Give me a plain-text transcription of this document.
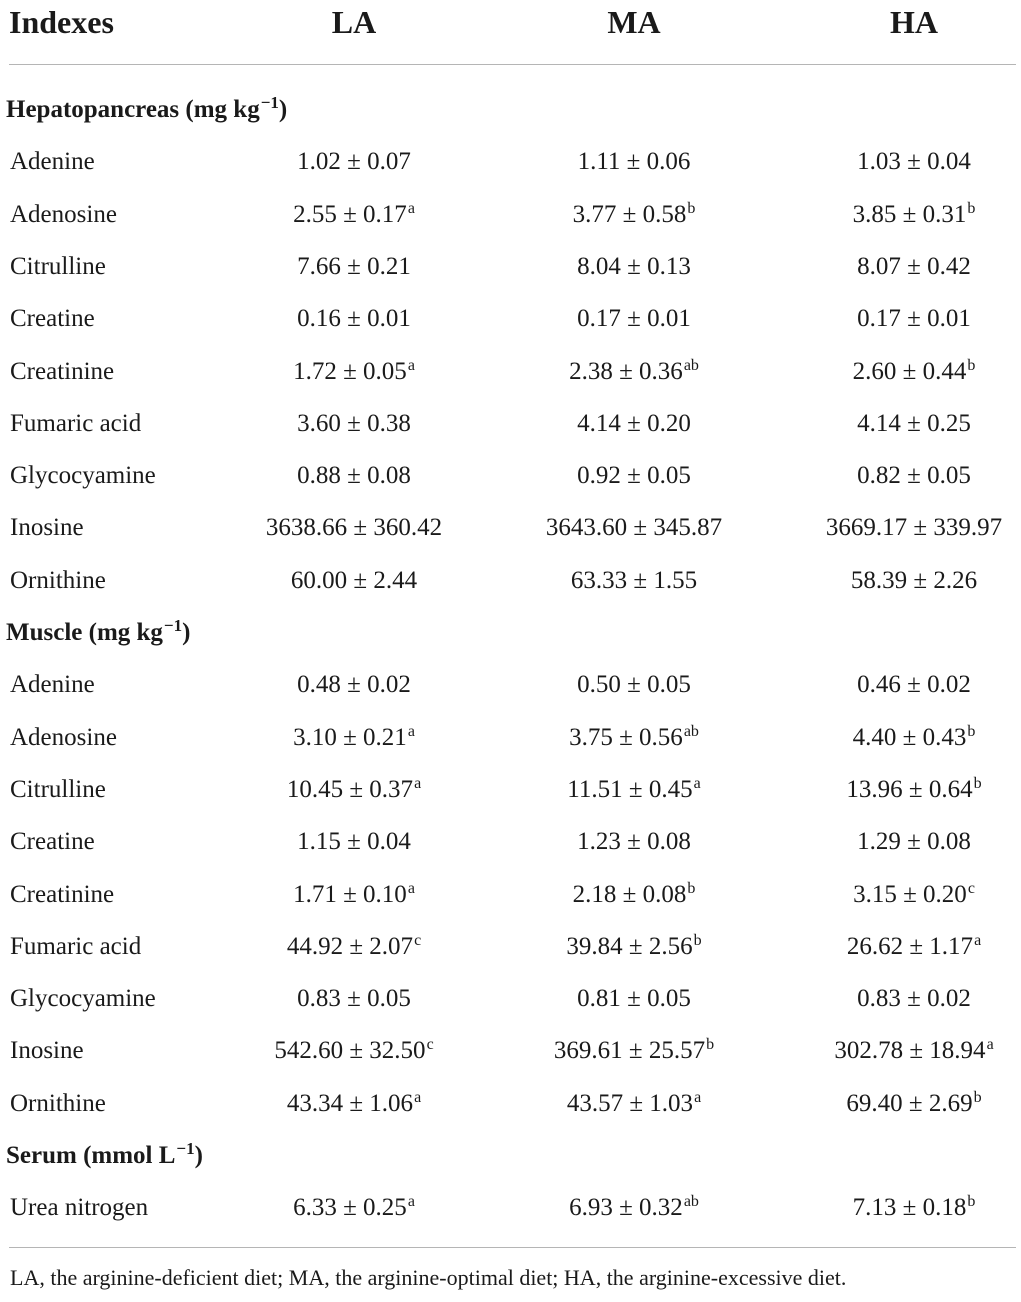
Indexes	LA	MA	HA
Hepatopancreas (mg $kg^{-1}$)
Adenine	1.02 ± 0.07	1.11 ± 0.06	1.03 ± 0.04
Adenosine	2.55 ± 0.17$^a$	3.77 ± 0.58$^b$	3.85 ± 0.31$^b$
Citrulline	7.66 ± 0.21	8.04 ± 0.13	8.07 ± 0.42
Creatine	0.16 ± 0.01	0.17 ± 0.01	0.17 ± 0.01
Creatinine	1.72 ± 0.05$^a$	2.38 ± 0.36$^{ab}$	2.60 ± 0.44$^b$
Fumaric acid	3.60 ± 0.38	4.14 ± 0.20	4.14 ± 0.25
Glycocyamine	0.88 ± 0.08	0.92 ± 0.05	0.82 ± 0.05
Inosine	3638.66 ± 360.42	3643.60 ± 345.87	3669.17 ± 339.97
Ornithine	60.00 ± 2.44	63.33 ± 1.55	58.39 ± 2.26
Muscle (mg $kg^{-1}$)
Adenine	0.48 ± 0.02	0.50 ± 0.05	0.46 ± 0.02
Adenosine	3.10 ± 0.21$^a$	3.75 ± 0.56$^{ab}$	4.40 ± 0.43$^b$
Citrulline	10.45 ± 0.37$^a$	11.51 ± 0.45$^a$	13.96 ± 0.64$^b$
Creatine	1.15 ± 0.04	1.23 ± 0.08	1.29 ± 0.08
Creatinine	1.71 ± 0.10$^a$	2.18 ± 0.08$^b$	3.15 ± 0.20$^c$
Fumaric acid	44.92 ± 2.07$^c$	39.84 ± 2.56$^b$	26.62 ± 1.17$^a$
Glycocyamine	0.83 ± 0.05	0.81 ± 0.05	0.83 ± 0.02
Inosine	542.60 ± 32.50$^c$	369.61 ± 25.57$^b$	302.78 ± 18.94$^a$
Ornithine	43.34 ± 1.06$^a$	43.57 ± 1.03$^a$	69.40 ± 2.69$^b$
Serum (mmol $L^{-1}$)
Urea nitrogen	6.33 ± 0.25$^a$	6.93 ± 0.32$^{ab}$	7.13 ± 0.18$^b$
LA, the arginine-deficient diet; MA, the arginine-optimal diet; HA, the arginine-excessive diet.
